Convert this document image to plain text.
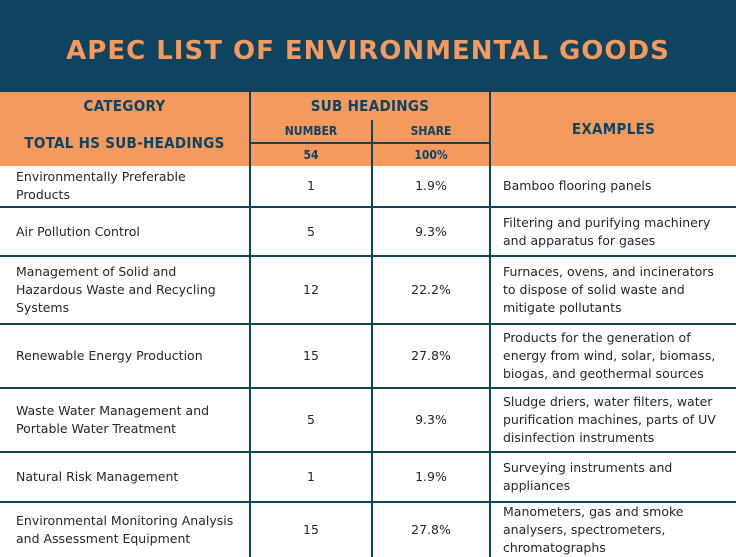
APEC LIST OF ENVIRONMENTAL GOODS
CATEGORY	SUB HEADINGS		EXAMPLES
TOTAL HS SUB-HEADINGS	NUMBER	SHARE	
	54	100%	
Environmentally Preferable Products	1	1.9%	Bamboo flooring panels
Air Pollution Control	5	9.3%	Filtering and purifying machinery and apparatus for gases
Management of Solid and Hazardous Waste and Recycling Systems	12	22.2%	Furnaces, ovens, and incinerators to dispose of solid waste and mitigate pollutants
Renewable Energy Production	15	27.8%	Products for the generation of energy from wind, solar, biomass, biogas, and geothermal sources
Waste Water Management and Portable Water Treatment	5	9.3%	Sludge driers, water filters, water purification machines, parts of UV disinfection instruments
Natural Risk Management	1	1.9%	Surveying instruments and appliances
Environmental Monitoring Analysis and Assessment Equipment	15	27.8%	Manometers, gas and smoke analysers, spectrometers, chromatographs
